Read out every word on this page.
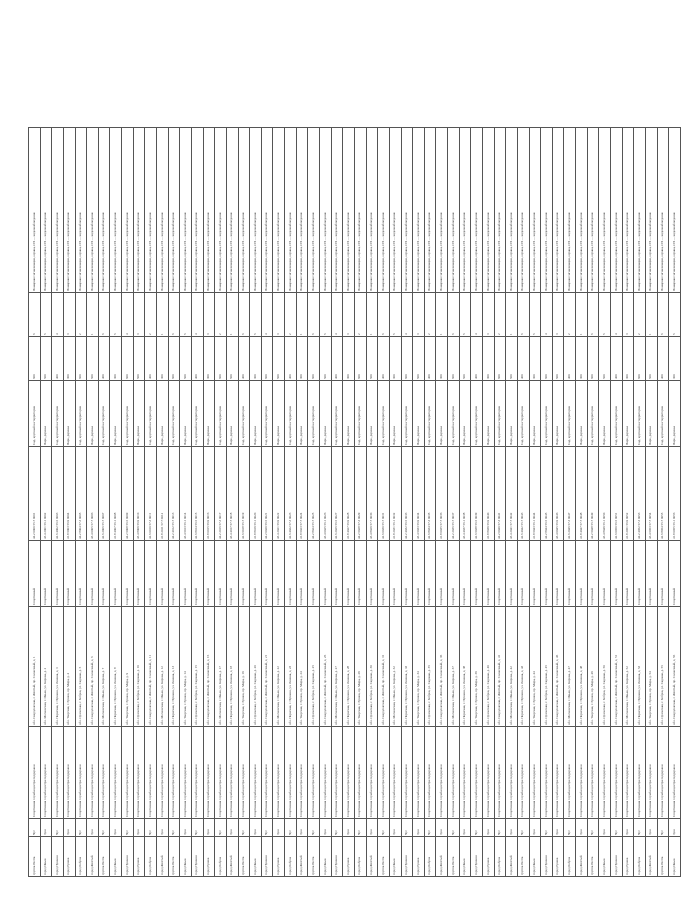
группа Почта	Чус	Спортивная служба центра поддержки	обл. Свердловская, г. Жёлтый, пр. Солнечный, д. 1	Спортивный	44.2 0000 55.7 0001	Сад, крупный на территории	600	6	Пожарная сигнализация, охрана, ОП — видеонаблюдение
город Ивьев	Зуш	Спортивная служба центра поддержки	обл. Московская, г. Ивьев, ул. Кирова, д. 2	Спортивный	43.4 2001 56.1 0002	Парк, деревья	500	5	Пожарная сигнализация, охрана, ОП — видеонаблюдение
город Пушкин	Чус	Спортивная служба центра поддержки	обл. Пермская, г. Пушкин, ул. Ленина, д. 3	Спортивный	42.6 4002 56.5 0003	Сад, крупный на территории	400	4	Пожарная сигнализация, охрана, ОП — видеонаблюдение
город Ершов	Зуш	Спортивная служба центра поддержки	обл. Тверская, г. Ершов, пр. Мира, д. 4	Спортивный	41.8 6003 56.9 0004	Парк, деревья	300	3	Пожарная сигнализация, охрана, ОП — видеонаблюдение
город Бобров	Чус	Спортивная служба центра поддержки	обл. Орловская, г. Бобров, ул. Садовая, д. 5	Спортивный	44.2 8004 57.3 0005	Сад, крупный на территории	600	2	Пожарная сигнализация, охрана, ОП — видеонаблюдение
город Жёлтый	Зуш	Спортивная служба центра поддержки	обл. Свердловская, г. Жёлтый, пр. Солнечный, д. 6	Спортивный	43.4 0005 57.7 0006	Парк, деревья	500	1	Пожарная сигнализация, охрана, ОП — видеонаблюдение
группа Почта	Чус	Спортивная служба центра поддержки	обл. Московская, г. Ивьев, ул. Кирова, д. 7	Спортивный	42.6 2006 55.7 0007	Сад, крупный на территории	400	6	Пожарная сигнализация, охрана, ОП — видеонаблюдение
город Ивьев	Зуш	Спортивная служба центра поддержки	обл. Пермская, г. Пушкин, ул. Ленина, д. 8	Спортивный	41.8 4007 56.1 0008	Парк, деревья	300	5	Пожарная сигнализация, охрана, ОП — видеонаблюдение
город Пушкин	Чус	Спортивная служба центра поддержки	обл. Тверская, г. Ершов, пр. Мира, д. 9	Спортивный	44.2 6008 56.5 0009	Сад, крупный на территории	600	4	Пожарная сигнализация, охрана, ОП — видеонаблюдение
город Ершов	Зуш	Спортивная служба центра поддержки	обл. Орловская, г. Бобров, ул. Садовая, д. 10	Спортивный	43.4 8009 56.9 0010	Парк, деревья	500	3	Пожарная сигнализация, охрана, ОП — видеонаблюдение
город Бобров	Чус	Спортивная служба центра поддержки	обл. Свердловская, г. Жёлтый, пр. Солнечный, д. 11	Спортивный	42.6 0010 57.3 0011	Сад, крупный на территории	400	2	Пожарная сигнализация, охрана, ОП — видеонаблюдение
город Жёлтый	Зуш	Спортивная служба центра поддержки	обл. Московская, г. Ивьев, ул. Кирова, д. 12	Спортивный	41.8 2011 57.7 0012	Парк, деревья	300	1	Пожарная сигнализация, охрана, ОП — видеонаблюдение
группа Почта	Чус	Спортивная служба центра поддержки	обл. Пермская, г. Пушкин, ул. Ленина, д. 13	Спортивный	44.2 4012 55.7 0013	Сад, крупный на территории	600	6	Пожарная сигнализация, охрана, ОП — видеонаблюдение
город Ивьев	Зуш	Спортивная служба центра поддержки	обл. Тверская, г. Ершов, пр. Мира, д. 14	Спортивный	43.4 6013 56.1 0014	Парк, деревья	500	5	Пожарная сигнализация, охрана, ОП — видеонаблюдение
город Пушкин	Чус	Спортивная служба центра поддержки	обл. Орловская, г. Бобров, ул. Садовая, д. 15	Спортивный	42.6 8014 56.5 0015	Сад, крупный на территории	400	4	Пожарная сигнализация, охрана, ОП — видеонаблюдение
город Ершов	Зуш	Спортивная служба центра поддержки	обл. Свердловская, г. Жёлтый, пр. Солнечный, д. 16	Спортивный	41.8 0015 56.9 0016	Парк, деревья	300	3	Пожарная сигнализация, охрана, ОП — видеонаблюдение
город Бобров	Чус	Спортивная служба центра поддержки	обл. Московская, г. Ивьев, ул. Кирова, д. 17	Спортивный	44.2 2016 57.3 0017	Сад, крупный на территории	600	2	Пожарная сигнализация, охрана, ОП — видеонаблюдение
город Жёлтый	Зуш	Спортивная служба центра поддержки	обл. Пермская, г. Пушкин, ул. Ленина, д. 18	Спортивный	43.4 4017 57.7 0018	Парк, деревья	500	1	Пожарная сигнализация, охрана, ОП — видеонаблюдение
группа Почта	Чус	Спортивная служба центра поддержки	обл. Тверская, г. Ершов, пр. Мира, д. 19	Спортивный	42.6 6018 55.7 0019	Сад, крупный на территории	400	6	Пожарная сигнализация, охрана, ОП — видеонаблюдение
город Ивьев	Зуш	Спортивная служба центра поддержки	обл. Орловская, г. Бобров, ул. Садовая, д. 20	Спортивный	41.8 8019 56.1 0020	Парк, деревья	300	5	Пожарная сигнализация, охрана, ОП — видеонаблюдение
город Пушкин	Чус	Спортивная служба центра поддержки	обл. Свердловская, г. Жёлтый, пр. Солнечный, д. 21	Спортивный	44.2 0020 56.5 0021	Сад, крупный на территории	600	4	Пожарная сигнализация, охрана, ОП — видеонаблюдение
город Ершов	Зуш	Спортивная служба центра поддержки	обл. Московская, г. Ивьев, ул. Кирова, д. 22	Спортивный	43.4 2021 56.9 0022	Парк, деревья	500	3	Пожарная сигнализация, охрана, ОП — видеонаблюдение
город Бобров	Чус	Спортивная служба центра поддержки	обл. Пермская, г. Пушкин, ул. Ленина, д. 23	Спортивный	42.6 4022 57.3 0023	Сад, крупный на территории	400	2	Пожарная сигнализация, охрана, ОП — видеонаблюдение
город Жёлтый	Зуш	Спортивная служба центра поддержки	обл. Тверская, г. Ершов, пр. Мира, д. 24	Спортивный	41.8 6023 57.7 0024	Парк, деревья	300	1	Пожарная сигнализация, охрана, ОП — видеонаблюдение
группа Почта	Чус	Спортивная служба центра поддержки	обл. Орловская, г. Бобров, ул. Садовая, д. 25	Спортивный	44.2 8024 55.7 0025	Сад, крупный на территории	600	6	Пожарная сигнализация, охрана, ОП — видеонаблюдение
город Ивьев	Зуш	Спортивная служба центра поддержки	обл. Свердловская, г. Жёлтый, пр. Солнечный, д. 26	Спортивный	43.4 0025 56.1 0026	Парк, деревья	500	5	Пожарная сигнализация, охрана, ОП — видеонаблюдение
город Пушкин	Чус	Спортивная служба центра поддержки	обл. Московская, г. Ивьев, ул. Кирова, д. 27	Спортивный	42.6 2026 56.5 0027	Сад, крупный на территории	400	4	Пожарная сигнализация, охрана, ОП — видеонаблюдение
город Ершов	Зуш	Спортивная служба центра поддержки	обл. Пермская, г. Пушкин, ул. Ленина, д. 28	Спортивный	41.8 4027 56.9 0028	Парк, деревья	300	3	Пожарная сигнализация, охрана, ОП — видеонаблюдение
город Бобров	Чус	Спортивная служба центра поддержки	обл. Тверская, г. Ершов, пр. Мира, д. 29	Спортивный	44.2 6028 57.3 0029	Сад, крупный на территории	600	2	Пожарная сигнализация, охрана, ОП — видеонаблюдение
город Жёлтый	Зуш	Спортивная служба центра поддержки	обл. Орловская, г. Бобров, ул. Садовая, д. 30	Спортивный	43.4 8029 57.7 0030	Парк, деревья	500	1	Пожарная сигнализация, охрана, ОП — видеонаблюдение
группа Почта	Чус	Спортивная служба центра поддержки	обл. Свердловская, г. Жёлтый, пр. Солнечный, д. 31	Спортивный	42.6 0030 55.7 0031	Сад, крупный на территории	400	6	Пожарная сигнализация, охрана, ОП — видеонаблюдение
город Ивьев	Зуш	Спортивная служба центра поддержки	обл. Московская, г. Ивьев, ул. Кирова, д. 32	Спортивный	41.8 2031 56.1 0032	Парк, деревья	300	5	Пожарная сигнализация, охрана, ОП — видеонаблюдение
город Пушкин	Чус	Спортивная служба центра поддержки	обл. Пермская, г. Пушкин, ул. Ленина, д. 33	Спортивный	44.2 4032 56.5 0033	Сад, крупный на территории	600	4	Пожарная сигнализация, охрана, ОП — видеонаблюдение
город Ершов	Зуш	Спортивная служба центра поддержки	обл. Тверская, г. Ершов, пр. Мира, д. 34	Спортивный	43.4 6033 56.9 0034	Парк, деревья	500	3	Пожарная сигнализация, охрана, ОП — видеонаблюдение
город Бобров	Чус	Спортивная служба центра поддержки	обл. Орловская, г. Бобров, ул. Садовая, д. 35	Спортивный	42.6 8034 57.3 0035	Сад, крупный на территории	400	2	Пожарная сигнализация, охрана, ОП — видеонаблюдение
город Жёлтый	Зуш	Спортивная служба центра поддержки	обл. Свердловская, г. Жёлтый, пр. Солнечный, д. 36	Спортивный	41.8 0035 57.7 0036	Парк, деревья	300	1	Пожарная сигнализация, охрана, ОП — видеонаблюдение
группа Почта	Чус	Спортивная служба центра поддержки	обл. Московская, г. Ивьев, ул. Кирова, д. 37	Спортивный	44.2 2036 55.7 0037	Сад, крупный на территории	600	6	Пожарная сигнализация, охрана, ОП — видеонаблюдение
город Ивьев	Зуш	Спортивная служба центра поддержки	обл. Пермская, г. Пушкин, ул. Ленина, д. 38	Спортивный	43.4 4037 56.1 0038	Парк, деревья	500	5	Пожарная сигнализация, охрана, ОП — видеонаблюдение
город Пушкин	Чус	Спортивная служба центра поддержки	обл. Тверская, г. Ершов, пр. Мира, д. 39	Спортивный	42.6 6038 56.5 0039	Сад, крупный на территории	400	4	Пожарная сигнализация, охрана, ОП — видеонаблюдение
город Ершов	Зуш	Спортивная служба центра поддержки	обл. Орловская, г. Бобров, ул. Садовая, д. 40	Спортивный	41.8 8039 56.9 0040	Парк, деревья	300	3	Пожарная сигнализация, охрана, ОП — видеонаблюдение
город Бобров	Чус	Спортивная служба центра поддержки	обл. Свердловская, г. Жёлтый, пр. Солнечный, д. 41	Спортивный	44.2 0040 57.3 0041	Сад, крупный на территории	600	2	Пожарная сигнализация, охрана, ОП — видеонаблюдение
город Жёлтый	Зуш	Спортивная служба центра поддержки	обл. Московская, г. Ивьев, ул. Кирова, д. 42	Спортивный	43.4 2041 57.7 0042	Парк, деревья	500	1	Пожарная сигнализация, охрана, ОП — видеонаблюдение
группа Почта	Чус	Спортивная служба центра поддержки	обл. Пермская, г. Пушкин, ул. Ленина, д. 43	Спортивный	42.6 4042 55.7 0043	Сад, крупный на территории	400	6	Пожарная сигнализация, охрана, ОП — видеонаблюдение
город Ивьев	Зуш	Спортивная служба центра поддержки	обл. Тверская, г. Ершов, пр. Мира, д. 44	Спортивный	41.8 6043 56.1 0044	Парк, деревья	300	5	Пожарная сигнализация, охрана, ОП — видеонаблюдение
город Пушкин	Чус	Спортивная служба центра поддержки	обл. Орловская, г. Бобров, ул. Садовая, д. 45	Спортивный	44.2 8044 56.5 0045	Сад, крупный на территории	600	4	Пожарная сигнализация, охрана, ОП — видеонаблюдение
город Ершов	Зуш	Спортивная служба центра поддержки	обл. Свердловская, г. Жёлтый, пр. Солнечный, д. 46	Спортивный	43.4 0045 56.9 0046	Парк, деревья	500	3	Пожарная сигнализация, охрана, ОП — видеонаблюдение
город Бобров	Чус	Спортивная служба центра поддержки	обл. Московская, г. Ивьев, ул. Кирова, д. 47	Спортивный	42.6 2046 57.3 0047	Сад, крупный на территории	400	2	Пожарная сигнализация, охрана, ОП — видеонаблюдение
город Жёлтый	Зуш	Спортивная служба центра поддержки	обл. Пермская, г. Пушкин, ул. Ленина, д. 48	Спортивный	41.8 4047 57.7 0048	Парк, деревья	300	1	Пожарная сигнализация, охрана, ОП — видеонаблюдение
группа Почта	Чус	Спортивная служба центра поддержки	обл. Тверская, г. Ершов, пр. Мира, д. 49	Спортивный	44.2 6048 55.7 0049	Сад, крупный на территории	600	6	Пожарная сигнализация, охрана, ОП — видеонаблюдение
город Ивьев	Зуш	Спортивная служба центра поддержки	обл. Орловская, г. Бобров, ул. Садовая, д. 50	Спортивный	43.4 8049 56.1 0050	Парк, деревья	500	5	Пожарная сигнализация, охрана, ОП — видеонаблюдение
город Пушкин	Чус	Спортивная служба центра поддержки	обл. Свердловская, г. Жёлтый, пр. Солнечный, д. 51	Спортивный	42.6 0050 56.5 0051	Сад, крупный на территории	400	4	Пожарная сигнализация, охрана, ОП — видеонаблюдение
город Ершов	Зуш	Спортивная служба центра поддержки	обл. Московская, г. Ивьев, ул. Кирова, д. 52	Спортивный	41.8 2051 56.9 0052	Парк, деревья	300	3	Пожарная сигнализация, охрана, ОП — видеонаблюдение
город Бобров	Чус	Спортивная служба центра поддержки	обл. Пермская, г. Пушкин, ул. Ленина, д. 53	Спортивный	44.2 4052 57.3 0053	Сад, крупный на территории	600	2	Пожарная сигнализация, охрана, ОП — видеонаблюдение
город Жёлтый	Зуш	Спортивная служба центра поддержки	обл. Тверская, г. Ершов, пр. Мира, д. 54	Спортивный	43.4 6053 57.7 0054	Парк, деревья	500	1	Пожарная сигнализация, охрана, ОП — видеонаблюдение
группа Почта	Чус	Спортивная служба центра поддержки	обл. Орловская, г. Бобров, ул. Садовая, д. 55	Спортивный	42.6 8054 55.7 0055	Сад, крупный на территории	400	6	Пожарная сигнализация, охрана, ОП — видеонаблюдение
город Ивьев	Зуш	Спортивная служба центра поддержки	обл. Свердловская, г. Жёлтый, пр. Солнечный, д. 56	Спортивный	41.8 0055 56.1 0056	Парк, деревья	300	5	Пожарная сигнализация, охрана, ОП — видеонаблюдение
